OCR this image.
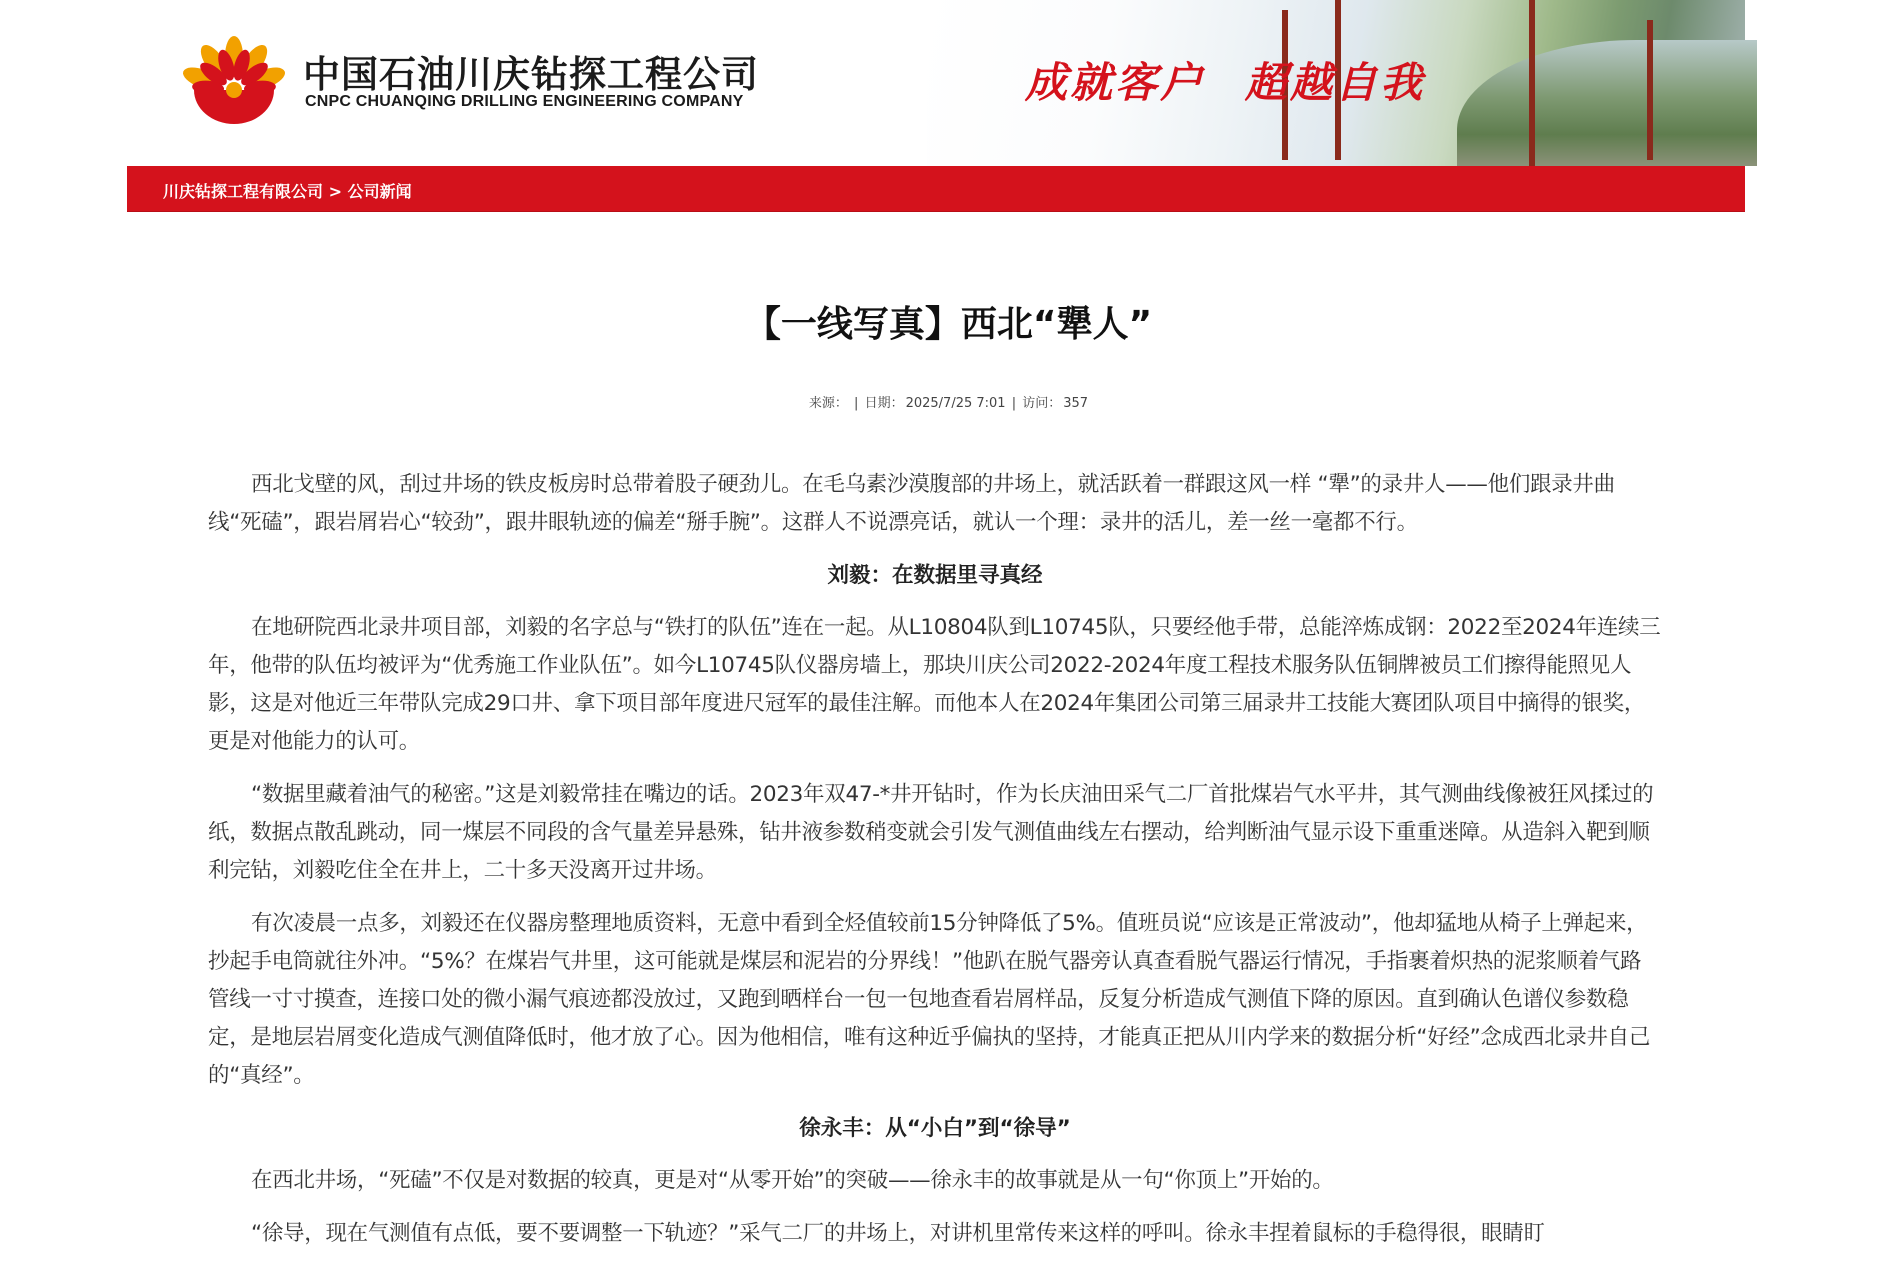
成就客户 超越自我
中国石油川庆钻探工程公司
CNPC CHUANQING DRILLING ENGINEERING COMPANY
川庆钻探工程有限公司 > 公司新闻
【一线写真】西北“犟人”
来源： | 日期： 2025/7/25 7:01 | 访问： 357

西北戈壁的风，刮过井场的铁皮板房时总带着股子硬劲儿。在毛乌素沙漠腹部的井场上，就活跃着一群跟这风一样 “犟”的录井人——他们跟录井曲线“死磕”，跟岩屑岩心“较劲”，跟井眼轨迹的偏差“掰手腕”。这群人不说漂亮话，就认一个理：录井的活儿，差一丝一毫都不行。

刘毅：在数据里寻真经

在地研院西北录井项目部，刘毅的名字总与“铁打的队伍”连在一起。从L10804队到L10745队，只要经他手带，总能淬炼成钢：2022至2024年连续三年，他带的队伍均被评为“优秀施工作业队伍”。如今L10745队仪器房墙上，那块川庆公司2022-2024年度工程技术服务队伍铜牌被员工们擦得能照见人影，这是对他近三年带队完成29口井、拿下项目部年度进尺冠军的最佳注解。而他本人在2024年集团公司第三届录井工技能大赛团队项目中摘得的银奖，更是对他能力的认可。

“数据里藏着油气的秘密。”这是刘毅常挂在嘴边的话。2023年双47-*井开钻时，作为长庆油田采气二厂首批煤岩气水平井，其气测曲线像被狂风揉过的纸，数据点散乱跳动，同一煤层不同段的含气量差异悬殊，钻井液参数稍变就会引发气测值曲线左右摆动，给判断油气显示设下重重迷障。从造斜入靶到顺利完钻，刘毅吃住全在井上，二十多天没离开过井场。

有次凌晨一点多，刘毅还在仪器房整理地质资料，无意中看到全烃值较前15分钟降低了5%。值班员说“应该是正常波动”，他却猛地从椅子上弹起来，抄起手电筒就往外冲。“5%？在煤岩气井里，这可能就是煤层和泥岩的分界线！”他趴在脱气器旁认真查看脱气器运行情况，手指裹着炽热的泥浆顺着气路管线一寸寸摸查，连接口处的微小漏气痕迹都没放过，又跑到晒样台一包一包地查看岩屑样品，反复分析造成气测值下降的原因。直到确认色谱仪参数稳定，是地层岩屑变化造成气测值降低时，他才放了心。因为他相信，唯有这种近乎偏执的坚持，才能真正把从川内学来的数据分析“好经”念成西北录井自己的“真经”。

徐永丰：从“小白”到“徐导”

在西北井场，“死磕”不仅是对数据的较真，更是对“从零开始”的突破——徐永丰的故事就是从一句“你顶上”开始的。

“徐导，现在气测值有点低，要不要调整一下轨迹？”采气二厂的井场上，对讲机里常传来这样的呼叫。徐永丰捏着鼠标的手稳得很，眼睛盯
